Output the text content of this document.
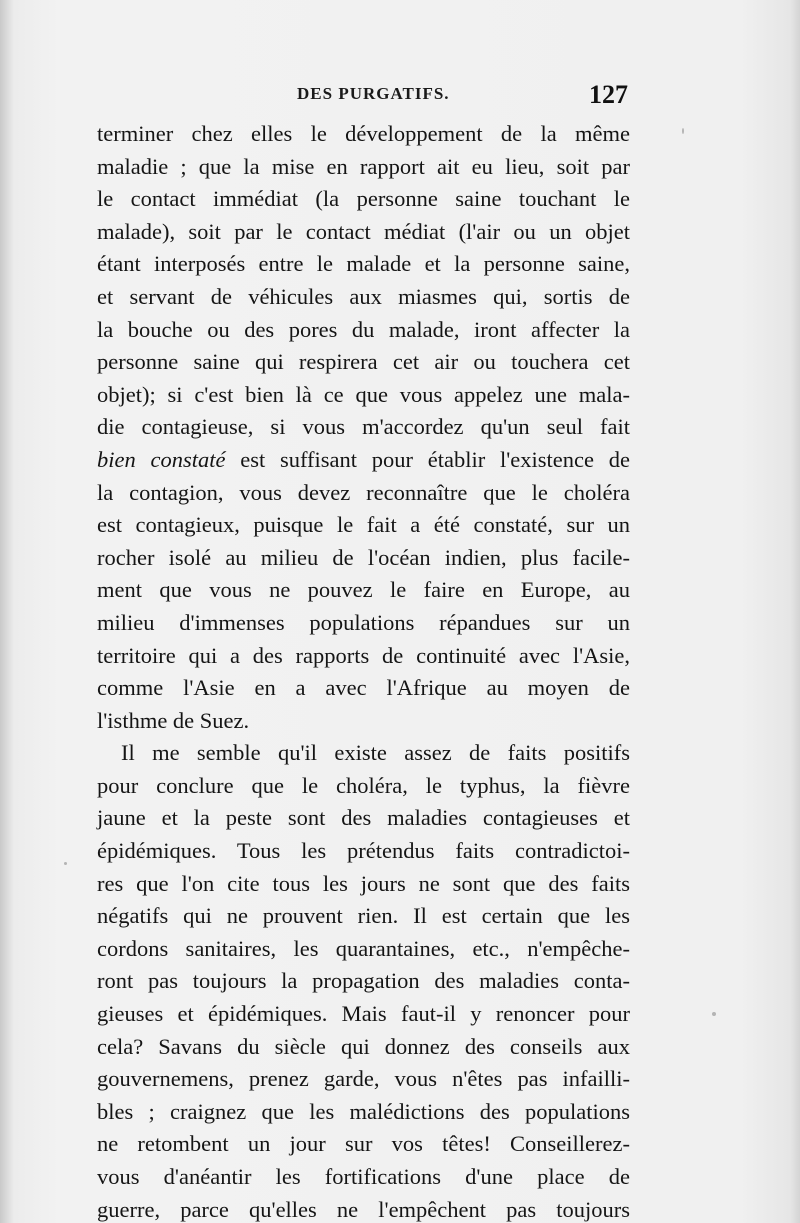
DES PURGATIFS.	127
terminer chez elles le développement de la même
maladie ; que la mise en rapport ait eu lieu, soit par
le contact immédiat (la personne saine touchant le
malade), soit par le contact médiat (l'air ou un objet
étant interposés entre le malade et la personne saine,
et servant de véhicules aux miasmes qui, sortis de
la bouche ou des pores du malade, iront affecter la
personne saine qui respirera cet air ou touchera cet
objet); si c'est bien là ce que vous appelez une mala-
die contagieuse, si vous m'accordez qu'un seul fait
bien constaté est suffisant pour établir l'existence de
la contagion, vous devez reconnaître que le choléra
est contagieux, puisque le fait a été constaté, sur un
rocher isolé au milieu de l'océan indien, plus facile-
ment que vous ne pouvez le faire en Europe, au
milieu d'immenses populations répandues sur un
territoire qui a des rapports de continuité avec l'Asie,
comme l'Asie en a avec l'Afrique au moyen de
l'isthme de Suez.
Il me semble qu'il existe assez de faits positifs
pour conclure que le choléra, le typhus, la fièvre
jaune et la peste sont des maladies contagieuses et
épidémiques. Tous les prétendus faits contradictoi-
res que l'on cite tous les jours ne sont que des faits
négatifs qui ne prouvent rien. Il est certain que les
cordons sanitaires, les quarantaines, etc., n'empêche-
ront pas toujours la propagation des maladies conta-
gieuses et épidémiques. Mais faut-il y renoncer pour
cela? Savans du siècle qui donnez des conseils aux
gouvernemens, prenez garde, vous n'êtes pas infailli-
bles ; craignez que les malédictions des populations
ne retombent un jour sur vos têtes! Conseillerez-
vous d'anéantir les fortifications d'une place de
guerre, parce qu'elles ne l'empêchent pas toujours
